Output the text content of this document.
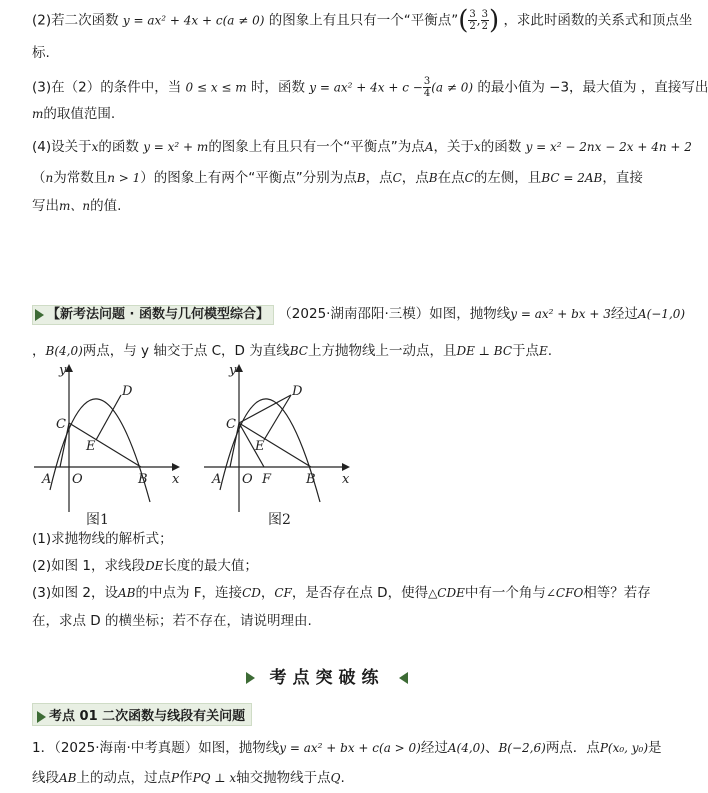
(2)若二次函数 y = ax² + 4x + c(a ≠ 0) 的图象上有且只有一个“平衡点”( $\frac{3}{2}$ , $\frac{3}{2}$ ) ，求此时函数的关系式和顶点坐
标.
(3)在（2）的条件中，当 0 ≤ x ≤ m 时，函数 $y = ax^2 + 4x + c - \frac{3}{4} (a \ne 0)$ 的最小值为 −3，最大值为 ，直接写出
m的取值范围.
(4)设关于x的函数 y = x² + m的图象上有且只有一个“平衡点”为点A，关于x的函数 y = x² − 2nx − 2x + 4n + 2
（n为常数且n > 1）的图象上有两个“平衡点”分别为点B，点C，点B在点C的左侧，且BC = 2AB，直接
写出m、n的值.
【新考法问题 · 函数与几何模型综合】 （2025·湖南邵阳·三模）如图，抛物线y = ax² + bx + 3经过A(−1,0)
，B(4,0)两点，与 y 轴交于点 C，D 为直线BC上方抛物线上一动点，且DE ⊥ BC于点E.
y
x
C
D
E
A O	B
图1
y
x
C
D
E
A O F	B
图2
(1)求抛物线的解析式；
(2)如图 1，求线段DE长度的最大值；
(3)如图 2，设AB的中点为 F，连接CD，CF，是否存在点 D，使得△CDE中有一个角与∠CFO相等？若存
在，求点 D 的横坐标；若不存在，请说明理由.
考点突破练
考点 01 二次函数与线段有关问题
1．（2025·海南·中考真题）如图，抛物线y = ax² + bx + c(a > 0)经过A(4,0)、B(−2,6)两点．点P(x₀, y₀)是
线段AB上的动点，过点P作PQ ⊥ x轴交抛物线于点Q.
